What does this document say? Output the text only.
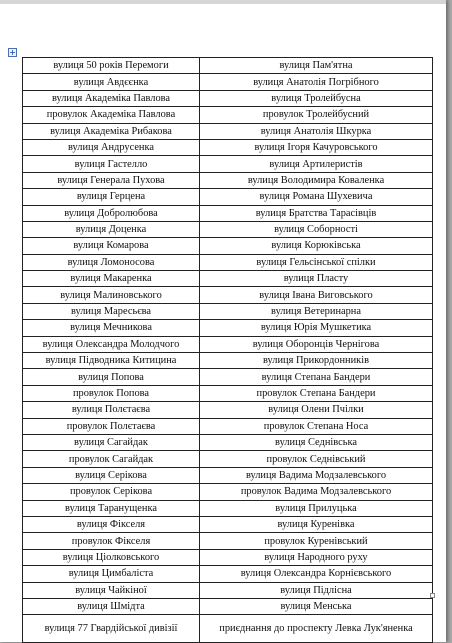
вулиця 50 років Перемоги	вулиця Пам'ятна
вулиця Авдєєнка	вулиця Анатолія Погрібного
вулиця Академіка Павлова	вулиця Тролейбусна
провулок Академіка Павлова	провулок Тролейбусний
вулиця Академіка Рибакова	вулиця Анатолія Шкурка
вулиця Андрусенка	вулиця Ігоря Качуровського
вулиця Гастелло	вулиця Артилеристів
вулиця Генерала Пухова	вулиця Володимира Коваленка
вулиця Герцена	вулиця Романа Шухевича
вулиця Добролюбова	вулиця Братства Тарасівців
вулиця Доценка	вулиця Соборності
вулиця Комарова	вулиця Корюківська
вулиця Ломоносова	вулиця Гельсінської спілки
вулиця Макаренка	вулиця Пласту
вулиця Малиновського	вулиця Івана Виговського
вулиця Маресьєва	вулиця Ветеринарна
вулиця Мечникова	вулиця Юрія Мушкетика
вулиця Олександра Молодчого	вулиця Оборонців Чернігова
вулиця Підводника Китицина	вулиця Прикордонників
вулиця Попова	вулиця Степана Бандери
провулок Попова	провулок Степана Бандери
вулиця Полєтаєва	вулиця Олени Пчілки
провулок Полєтаєва	провулок Степана Носа
вулиця Сагайдак	вулиця Седнівська
провулок Сагайдак	провулок Седнівський
вулиця Серікова	вулиця Вадима Модзалевського
провулок Серікова	провулок Вадима Модзалевського
вулиця Таранущенка	вулиця Прилуцька
вулиця Фікселя	вулиця Куренівка
провулок Фікселя	провулок Куренівський
вулиця Ціолковського	вулиця Народного руху
вулиця Цимбаліста	вулиця Олександра Корнієвського
вулиця Чайкіної	вулиця Підлісна
вулиця Шмідта	вулиця Менська
вулиця 77 Гвардійської дивізії	приєднання до проспекту Левка Лук'яненка
